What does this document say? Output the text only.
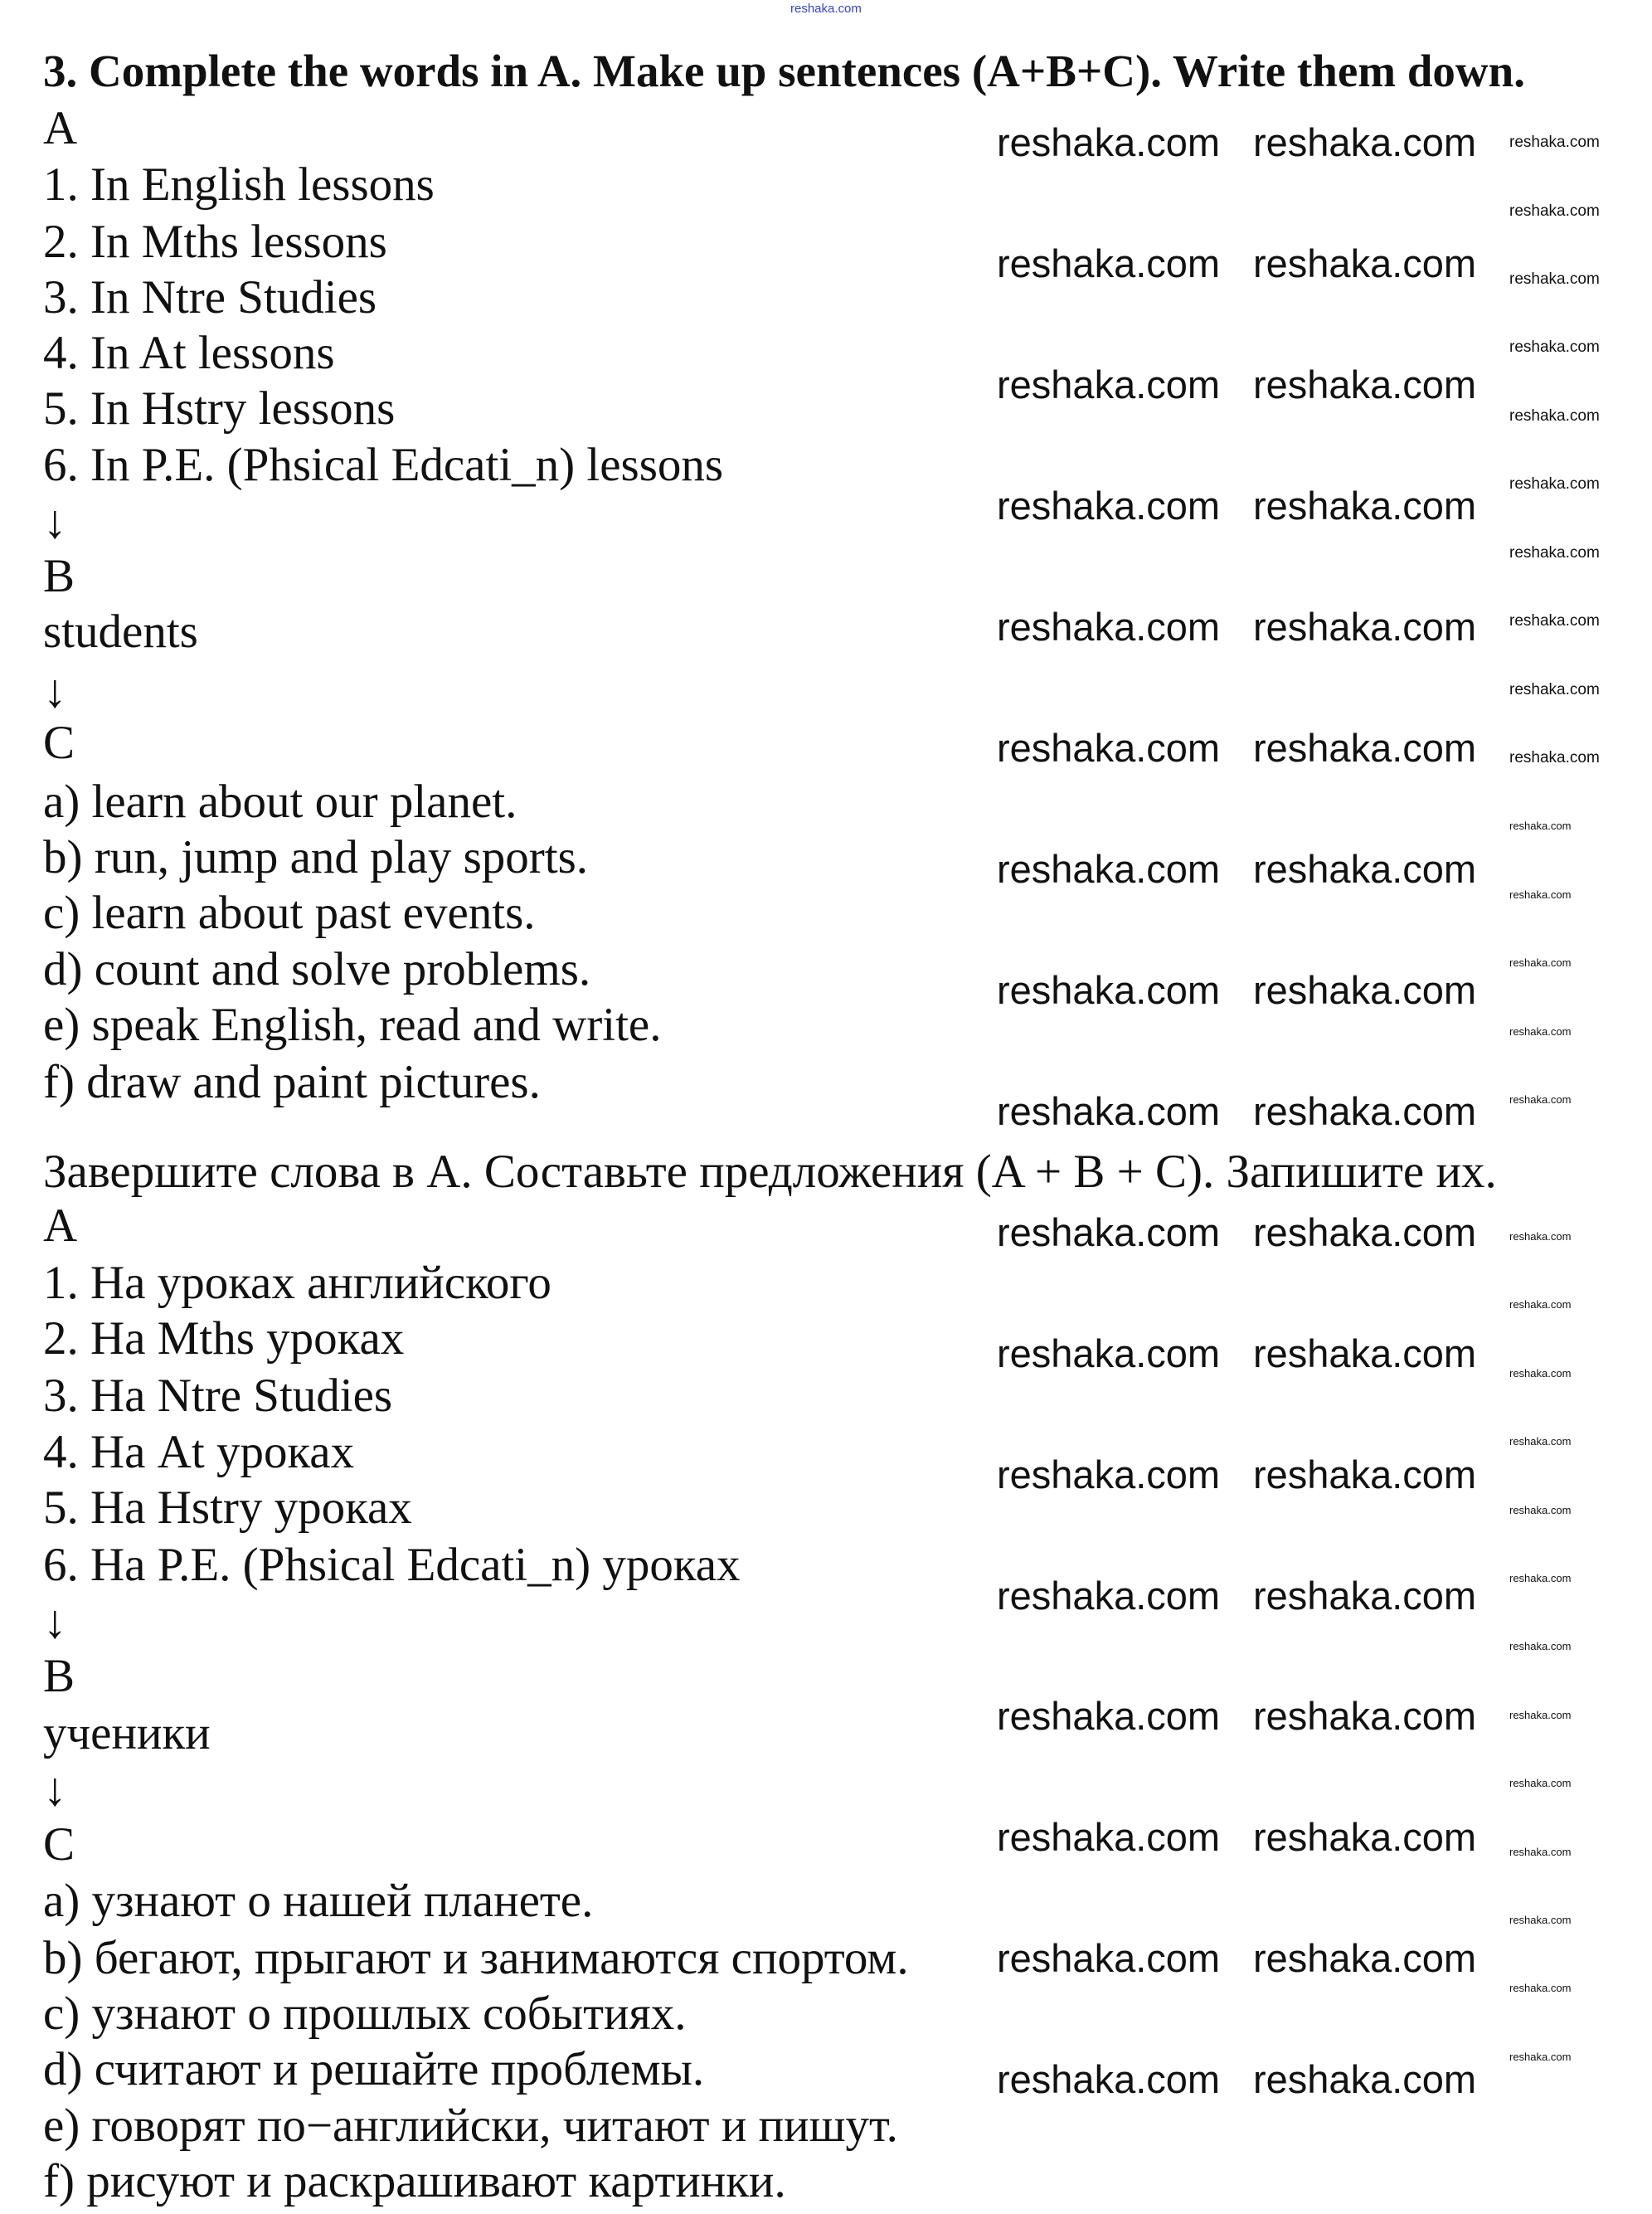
3. Complete the words in A. Make up sentences (A+B+C). Write them down.
A
1. In English lessons
2. In Mths lessons
3. In Ntre Studies
4. In At lessons
5. In Hstry lessons
6. In P.E. (Phsical Edcati_n) lessons
↓
B
students
↓
C
a) learn about our planet.
b) run, jump and play sports.
c) learn about past events.
d) count and solve problems.
e) speak English, read and write.
f) draw and paint pictures.
Завершите слова в A. Составьте предложения (A + B + C). Запишите их.
A
1. На уроках английского
2. На Mths уроках
3. На Ntre Studies
4. На At уроках
5. На Hstry уроках
6. На P.E. (Phsical Edcati_n) уроках
↓
B
ученики
↓
C
a) узнают о нашей планете.
b) бегают, прыгают и занимаются спортом.
c) узнают о прошлых событиях.
d) считают и решайте проблемы.
e) говорят по−английски, читают и пишут.
f) рисуют и раскрашивают картинки.
reshaka.com reshaka.com
reshaka.com reshaka.com
reshaka.com reshaka.com
reshaka.com reshaka.com
reshaka.com reshaka.com
reshaka.com reshaka.com
reshaka.com reshaka.com
reshaka.com reshaka.com
reshaka.com reshaka.com
reshaka.com reshaka.com
reshaka.com reshaka.com
reshaka.com reshaka.com
reshaka.com reshaka.com
reshaka.com reshaka.com
reshaka.com reshaka.com
reshaka.com reshaka.com
reshaka.com reshaka.com
reshaka.com
reshaka.com
reshaka.com
reshaka.com
reshaka.com
reshaka.com
reshaka.com
reshaka.com
reshaka.com
reshaka.com
reshaka.com
reshaka.com
reshaka.com
reshaka.com
reshaka.com
reshaka.com
reshaka.com
reshaka.com
reshaka.com
reshaka.com
reshaka.com
reshaka.com
reshaka.com
reshaka.com
reshaka.com
reshaka.com
reshaka.com
reshaka.com
reshaka.com
